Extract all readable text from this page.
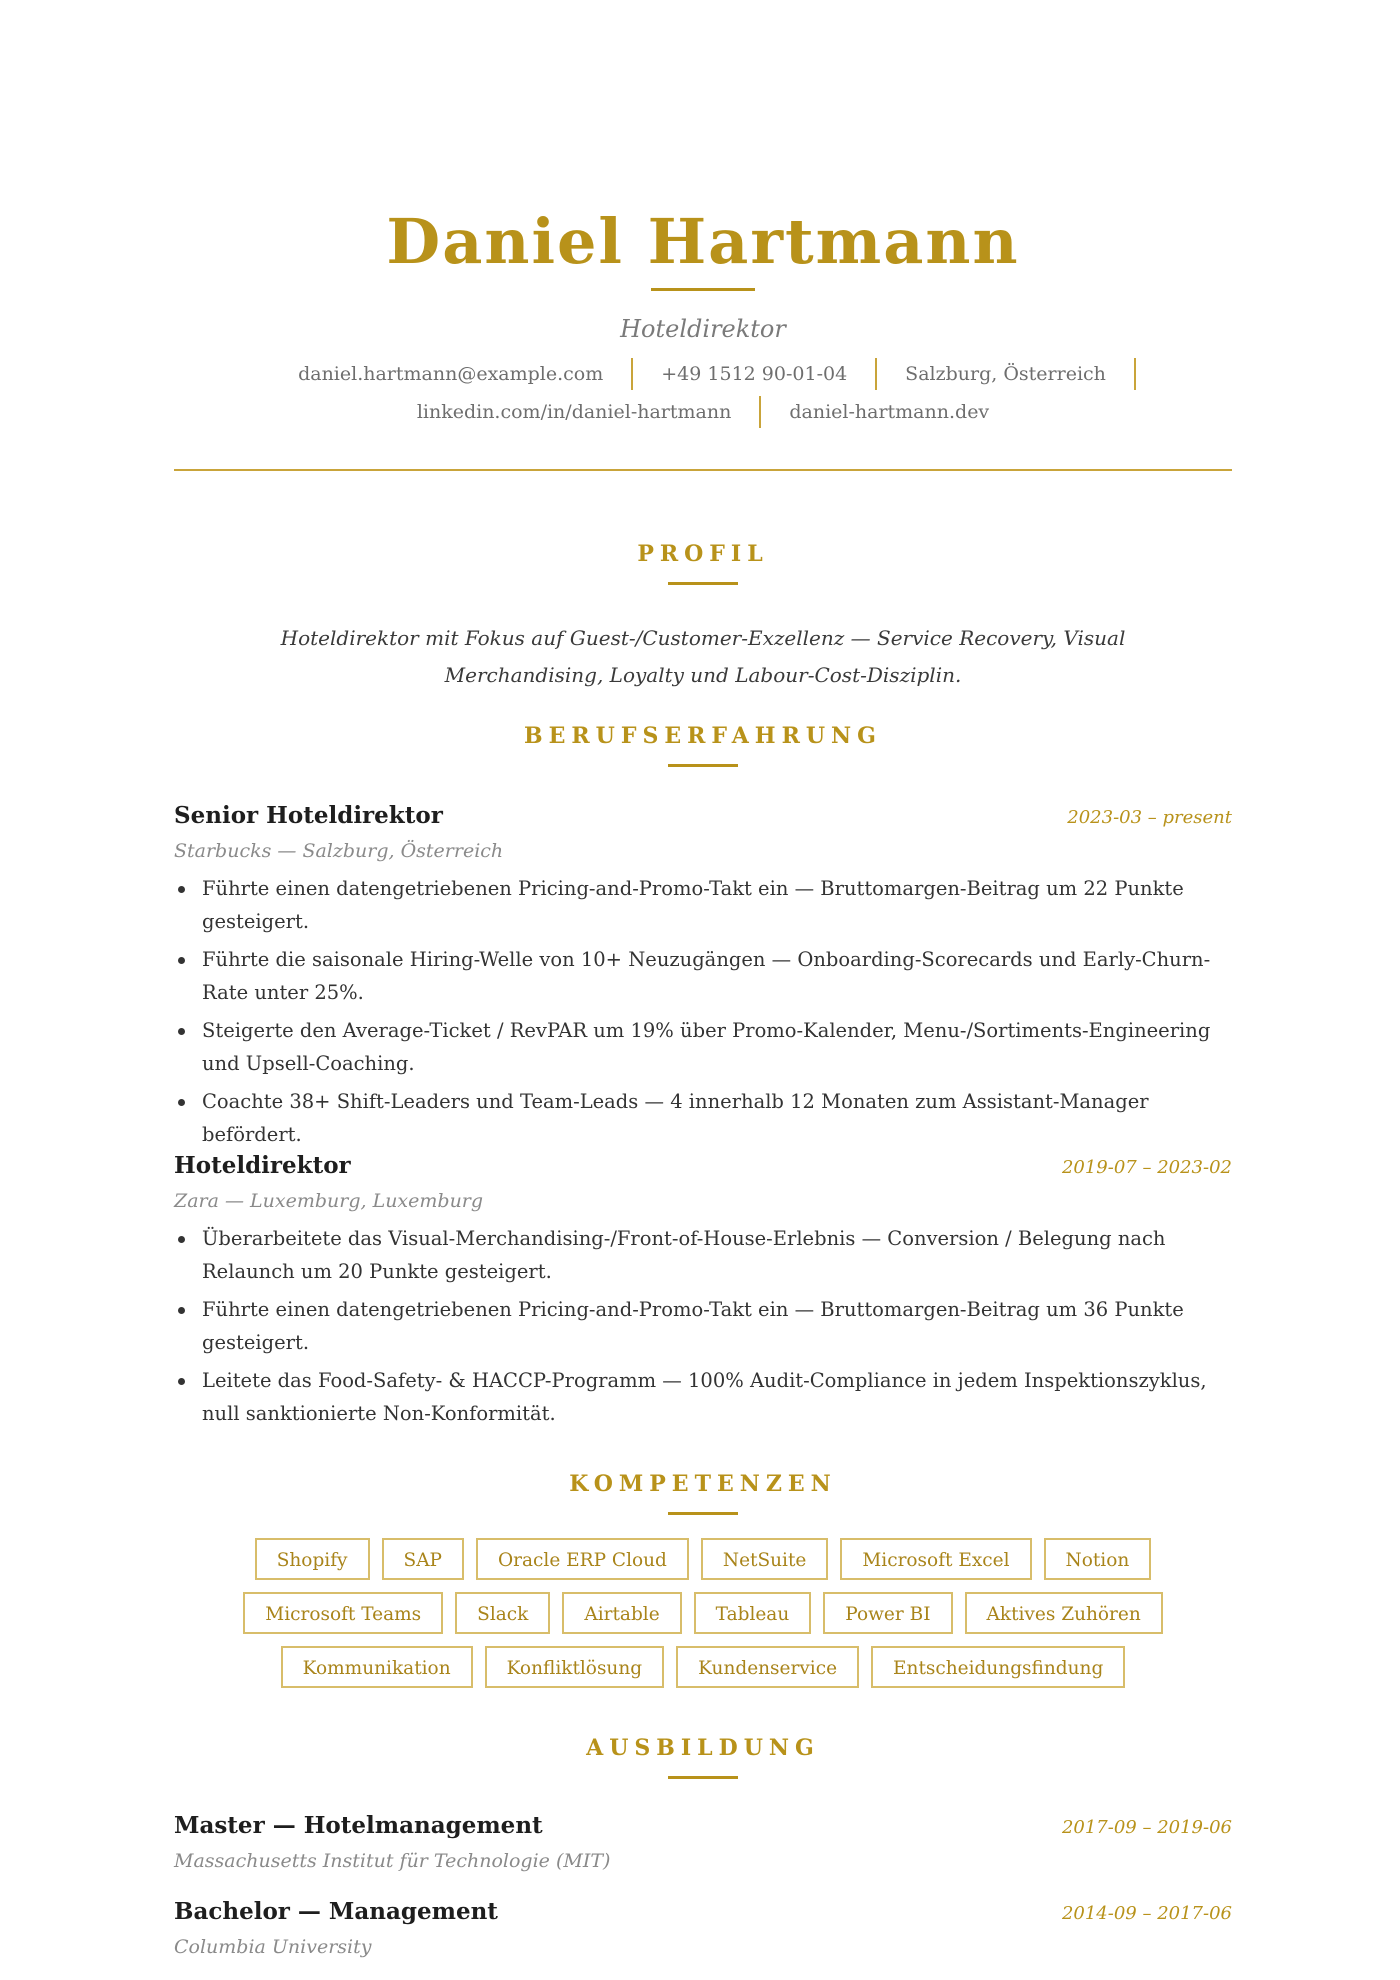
Daniel Hartmann
Hoteldirektor
daniel.hartmann@example.com	+49 1512 90-01-04	Salzburg, Österreich
linkedin.com/in/daniel-hartmann	daniel-hartmann.dev
PROFIL
Hoteldirektor mit Fokus auf Guest-/Customer-Exzellenz — Service Recovery, Visual
Merchandising, Loyalty und Labour-Cost-Disziplin.
BERUFSERFAHRUNG
Senior Hoteldirektor	2023-03 – present
Starbucks — Salzburg, Österreich
Führte einen datengetriebenen Pricing-and-Promo-Takt ein — Bruttomargen-Beitrag um 22 Punkte gesteigert.
Führte die saisonale Hiring-Welle von 10+ Neuzugängen — Onboarding-Scorecards und Early-Churn-Rate unter 25%.
Steigerte den Average-Ticket / RevPAR um 19% über Promo-Kalender, Menu-/Sortiments-Engineering und Upsell-Coaching.
Coachte 38+ Shift-Leaders und Team-Leads — 4 innerhalb 12 Monaten zum Assistant-Manager befördert.
Hoteldirektor	2019-07 – 2023-02
Zara — Luxemburg, Luxemburg
Überarbeitete das Visual-Merchandising-/Front-of-House-Erlebnis — Conversion / Belegung nach Relaunch um 20 Punkte gesteigert.
Führte einen datengetriebenen Pricing-and-Promo-Takt ein — Bruttomargen-Beitrag um 36 Punkte gesteigert.
Leitete das Food-Safety- & HACCP-Programm — 100% Audit-Compliance in jedem Inspektionszyklus, null sanktionierte Non-Konformität.
KOMPETENZEN
Shopify	SAP	Oracle ERP Cloud	NetSuite	Microsoft Excel	Notion
Microsoft Teams	Slack	Airtable	Tableau	Power BI	Aktives Zuhören
Kommunikation	Konfliktlösung	Kundenservice	Entscheidungsfindung
AUSBILDUNG
Master — Hotelmanagement	2017-09 – 2019-06
Massachusetts Institut für Technologie (MIT)
Bachelor — Management	2014-09 – 2017-06
Columbia University
